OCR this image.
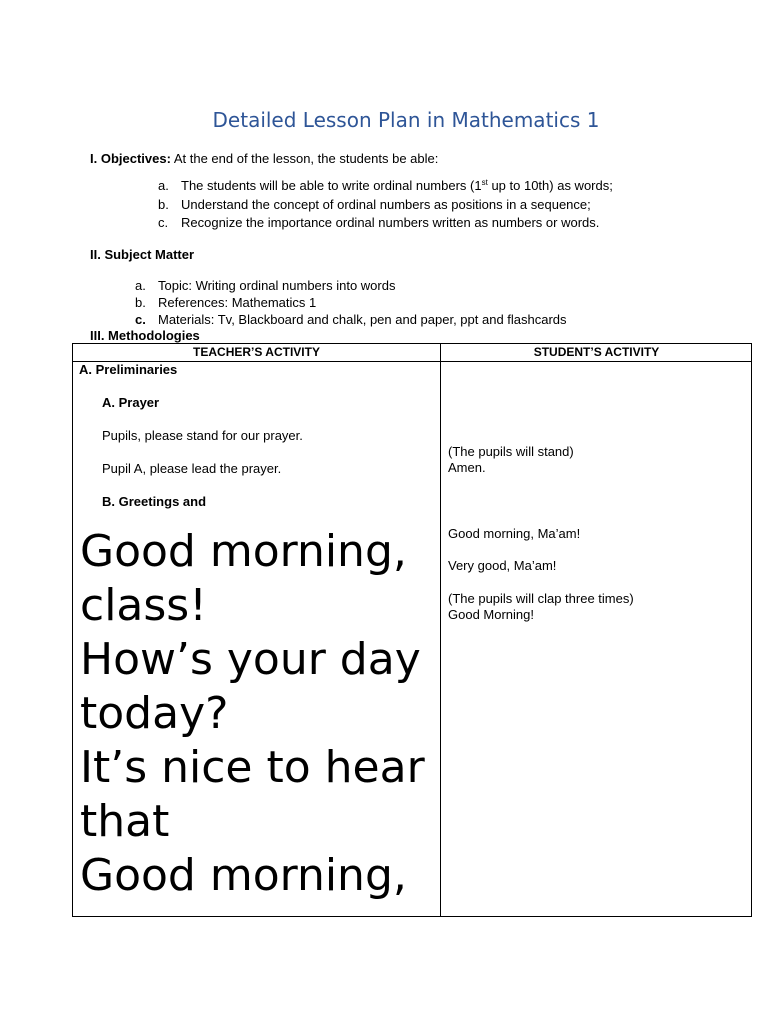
Detailed Lesson Plan in Mathematics 1
I. Objectives: At the end of the lesson, the students be able:
a. The students will be able to write ordinal numbers (1st up to 10th) as words;
b. Understand the concept of ordinal numbers as positions in a sequence;
c. Recognize the importance ordinal numbers written as numbers or words.
II. Subject Matter
a. Topic: Writing ordinal numbers into words
b. References: Mathematics 1
c. Materials: Tv, Blackboard and chalk, pen and paper, ppt and flashcards
III. Methodologies
TEACHER’S ACTIVITY	STUDENT’S ACTIVITY
A. Preliminaries
A. Prayer
Pupils, please stand for our prayer.
Pupil A, please lead the prayer.
B. Greetings and
Good morning,
class!
How’s your day
today?
It’s nice to hear
that
Good morning,
(The pupils will stand)
Amen.
Good morning, Ma’am!
Very good, Ma’am!
(The pupils will clap three times)
Good Morning!
